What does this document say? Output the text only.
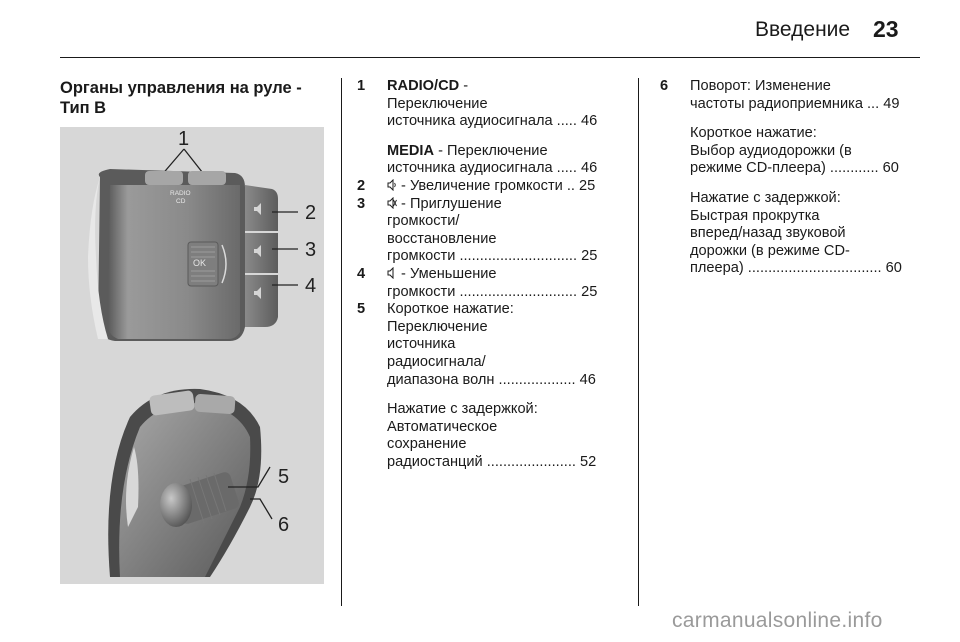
Введение 23
Органы управления на руле - Тип B
1
RADIO
CD
OK
2
3
4
5
6
1 RADIO/CD -
Переключение
источника аудиосигнала ..... 46
MEDIA - Переключение
источника аудиосигнала ..... 46
2 - Увеличение громкости .. 25
3 - Приглушение
громкости/
восстановление
громкости ............................. 25
4 - Уменьшение
громкости ............................. 25
5 Короткое нажатие:
Переключение
источника
радиосигнала/
диапазона волн ................... 46
Нажатие с задержкой:
Автоматическое
сохранение
радиостанций ...................... 52
6 Поворот: Изменение
частоты радиоприемника ... 49
Короткое нажатие:
Выбор аудиодорожки (в
режиме CD-плеера) ............ 60
Нажатие с задержкой:
Быстрая прокрутка
вперед/назад звуковой
дорожки (в режиме CD-
плеера) ................................. 60
carmanualsonline.info
